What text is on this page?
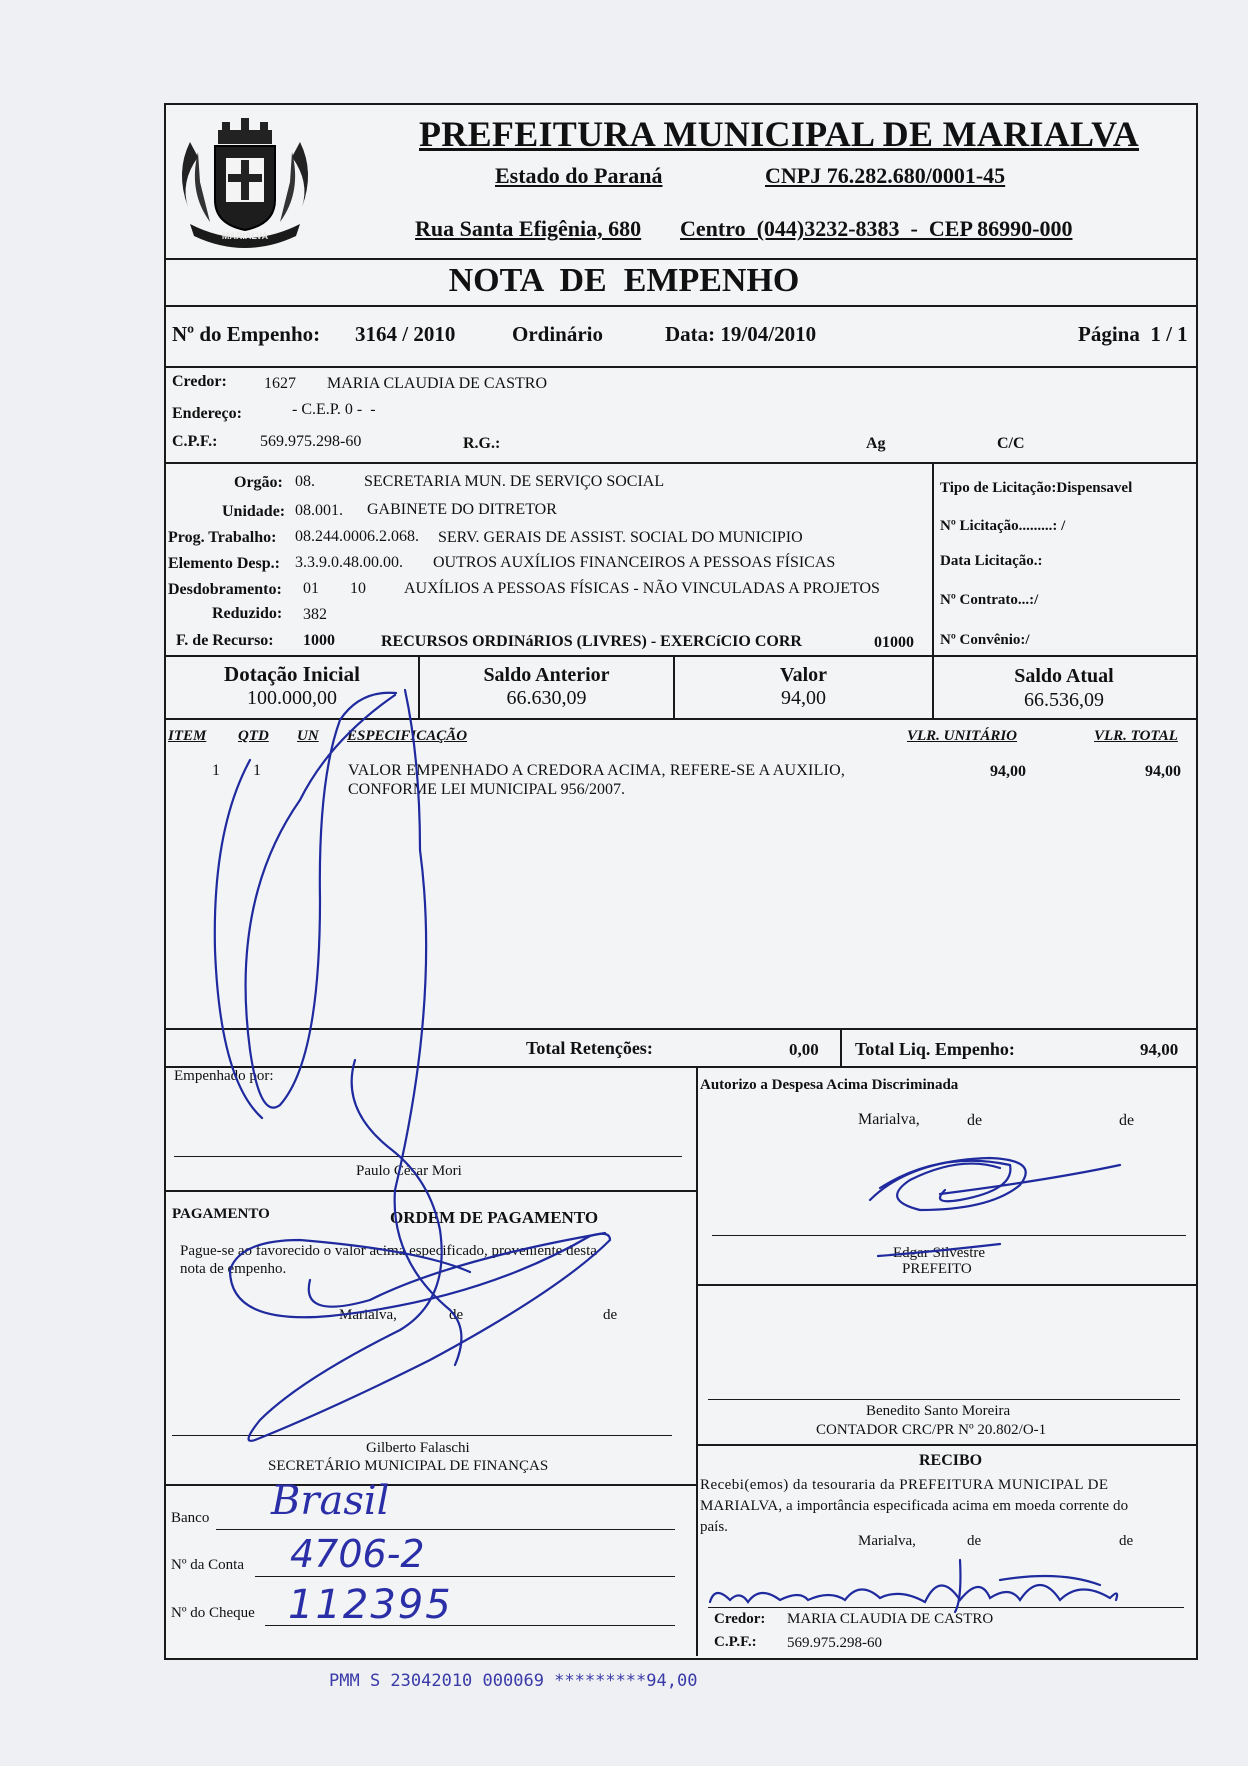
MARIALVA
PREFEITURA MUNICIPAL DE MARIALVA
Estado do Paraná	CNPJ 76.282.680/0001-45
Rua Santa Efigênia, 680 Centro  (044)3232-8383  -  CEP 86990-000
NOTA  DE  EMPENHO
Nº do Empenho: 3164 / 2010	Ordinário	Data: 19/04/2010	Página  1 / 1
Credor: 1627 MARIA CLAUDIA DE CASTRO
Endereço:	- C.E.P. 0 -  -
C.P.F.:	569.975.298-60	R.G.:	Ag	C/C
Orgão: 08.	SECRETARIA MUN. DE SERVIÇO SOCIAL
Unidade: 08.001. GABINETE DO DITRETOR
Prog. Trabalho: 08.244.0006.2.068. SERV. GERAIS DE ASSIST. SOCIAL DO MUNICIPIO
Elemento Desp.: 3.3.9.0.48.00.00. OUTROS AUXÍLIOS FINANCEIROS A PESSOAS FÍSICAS
Desdobramento: 01 10 AUXÍLIOS A PESSOAS FÍSICAS - NÃO VINCULADAS A PROJETOS
Reduzido: 382
F. de Recurso: 1000	RECURSOS ORDINáRIOS (LIVRES) - EXERCíCIO CORR	01000
Tipo de Licitação:Dispensavel
Nº Licitação.........: /
Data Licitação.:
Nº Contrato...:/
Nº Convênio:/
Dotação Inicial
100.000,00
Saldo Anterior
66.630,09
Valor
94,00
Saldo Atual
66.536,09
ITEM QTD UN ESPECIFICAÇÃO	VLR. UNITÁRIO	VLR. TOTAL
1 1	VALOR EMPENHADO A CREDORA ACIMA, REFERE-SE A AUXILIO,
CONFORME LEI MUNICIPAL 956/2007.
94,00	94,00
Total Retenções:	0,00 Total Liq. Empenho:	94,00
Empenhado por:
Paulo César Mori
Autorizo a Despesa Acima Discriminada
Marialva,	de	de
Edgar Silvestre
PREFEITO
PAGAMENTO	ORDEM DE PAGAMENTO
Pague-se ao favorecido o valor acima especificado, proveniente desta
nota de empenho.
Marialva,	de	de
Gilberto Falaschi
SECRETÁRIO MUNICIPAL DE FINANÇAS
Benedito Santo Moreira
CONTADOR CRC/PR Nº 20.802/O-1
RECIBO
Recebi(emos) da tesouraria da PREFEITURA MUNICIPAL DE
MARIALVA, a importância especificada acima em moeda corrente do
país.
Marialva,	de	de
Credor: MARIA CLAUDIA DE CASTRO
C.P.F.: 569.975.298-60
Banco Brasil
Nº da Conta 4706-2
Nº do Cheque 112395
PMM S 23042010 000069 *********94,00
